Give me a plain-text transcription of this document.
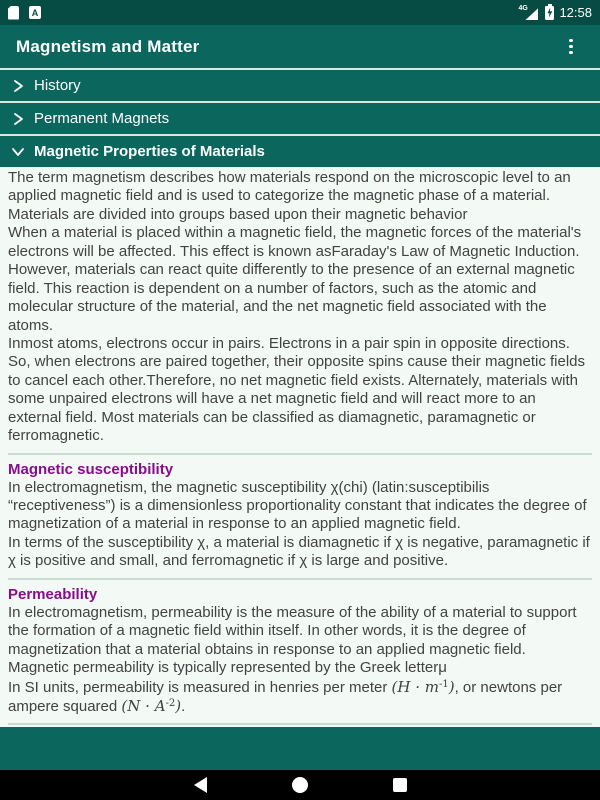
A	4G 12:58
Magnetism and Matter
History
Permanent Magnets
Magnetic Properties of Materials

The term magnetism describes how materials respond on the microscopic level to an applied magnetic field and is used to categorize the magnetic phase of a material.

Materials are divided into groups based upon their magnetic behavior

When a material is placed within a magnetic field, the magnetic forces of the material's electrons will be affected. This effect is known asFaraday's Law of Magnetic Induction. However, materials can react quite differently to the presence of an external magnetic field. This reaction is dependent on a number of factors, such as the atomic and molecular structure of the material, and the net magnetic field associated with the atoms.

Inmost atoms, electrons occur in pairs. Electrons in a pair spin in opposite directions. So, when electrons are paired together, their opposite spins cause their magnetic fields to cancel each other.Therefore, no net magnetic field exists. Alternately, materials with some unpaired electrons will have a net magnetic field and will react more to an external field. Most materials can be classified as diamagnetic, paramagnetic or ferromagnetic.

Magnetic susceptibility

In electromagnetism, the magnetic susceptibility χ(chi) (latin:susceptibilis “receptiveness”) is a dimensionless proportionality constant that indicates the degree of magnetization of a material in response to an applied magnetic field.

In terms of the susceptibility χ, a material is diamagnetic if χ is negative, paramagnetic if χ is positive and small, and ferromagnetic if χ is large and positive.

Permeability

In electromagnetism, permeability is the measure of the ability of a material to support the formation of a magnetic field within itself. In other words, it is the degree of magnetization that a material obtains in response to an applied magnetic field.

Magnetic permeability is typically represented by the Greek letterμ

In SI units, permeability is measured in henries per meter $(H \cdot m^{-1})$, or newtons per ampere squared $(N \cdot A^{-2})$.
